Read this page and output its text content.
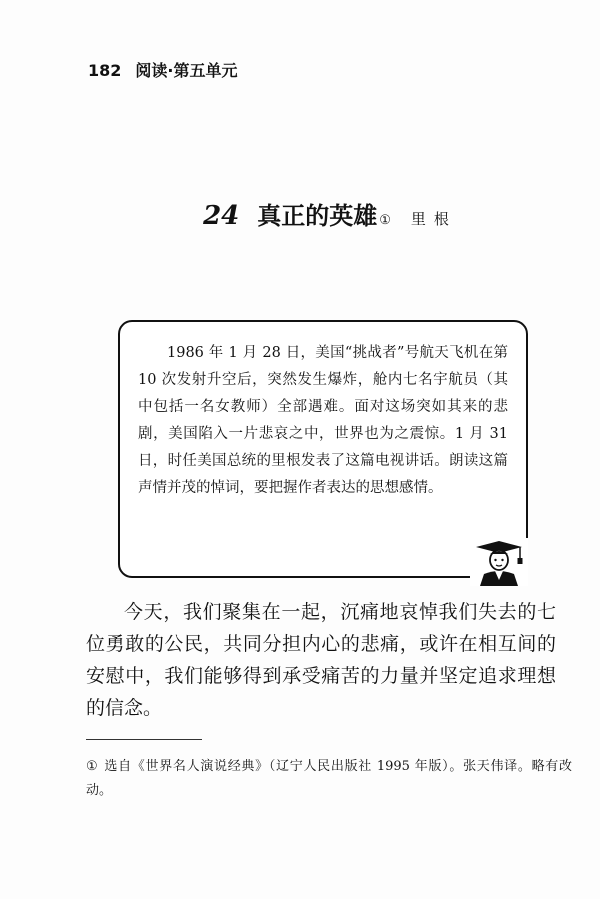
182 阅读·第五单元
24 真正的英雄 ① 里根
1986 年 1 月 28 日，美国“挑战者”号航天飞机在第 10 次发射升空后，突然发生爆炸，舱内七名宇航员（其中包括一名女教师）全部遇难。面对这场突如其来的悲剧，美国陷入一片悲哀之中，世界也为之震惊。1 月 31 日，时任美国总统的里根发表了这篇电视讲话。朗读这篇声情并茂的悼词，要把握作者表达的思想感情。
今天，我们聚集在一起，沉痛地哀悼我们失去的七位勇敢的公民，共同分担内心的悲痛，或许在相互间的安慰中，我们能够得到承受痛苦的力量并坚定追求理想的信念。
① 选自《世界名人演说经典》（辽宁人民出版社 1995 年版）。张天伟译。略有改动。
